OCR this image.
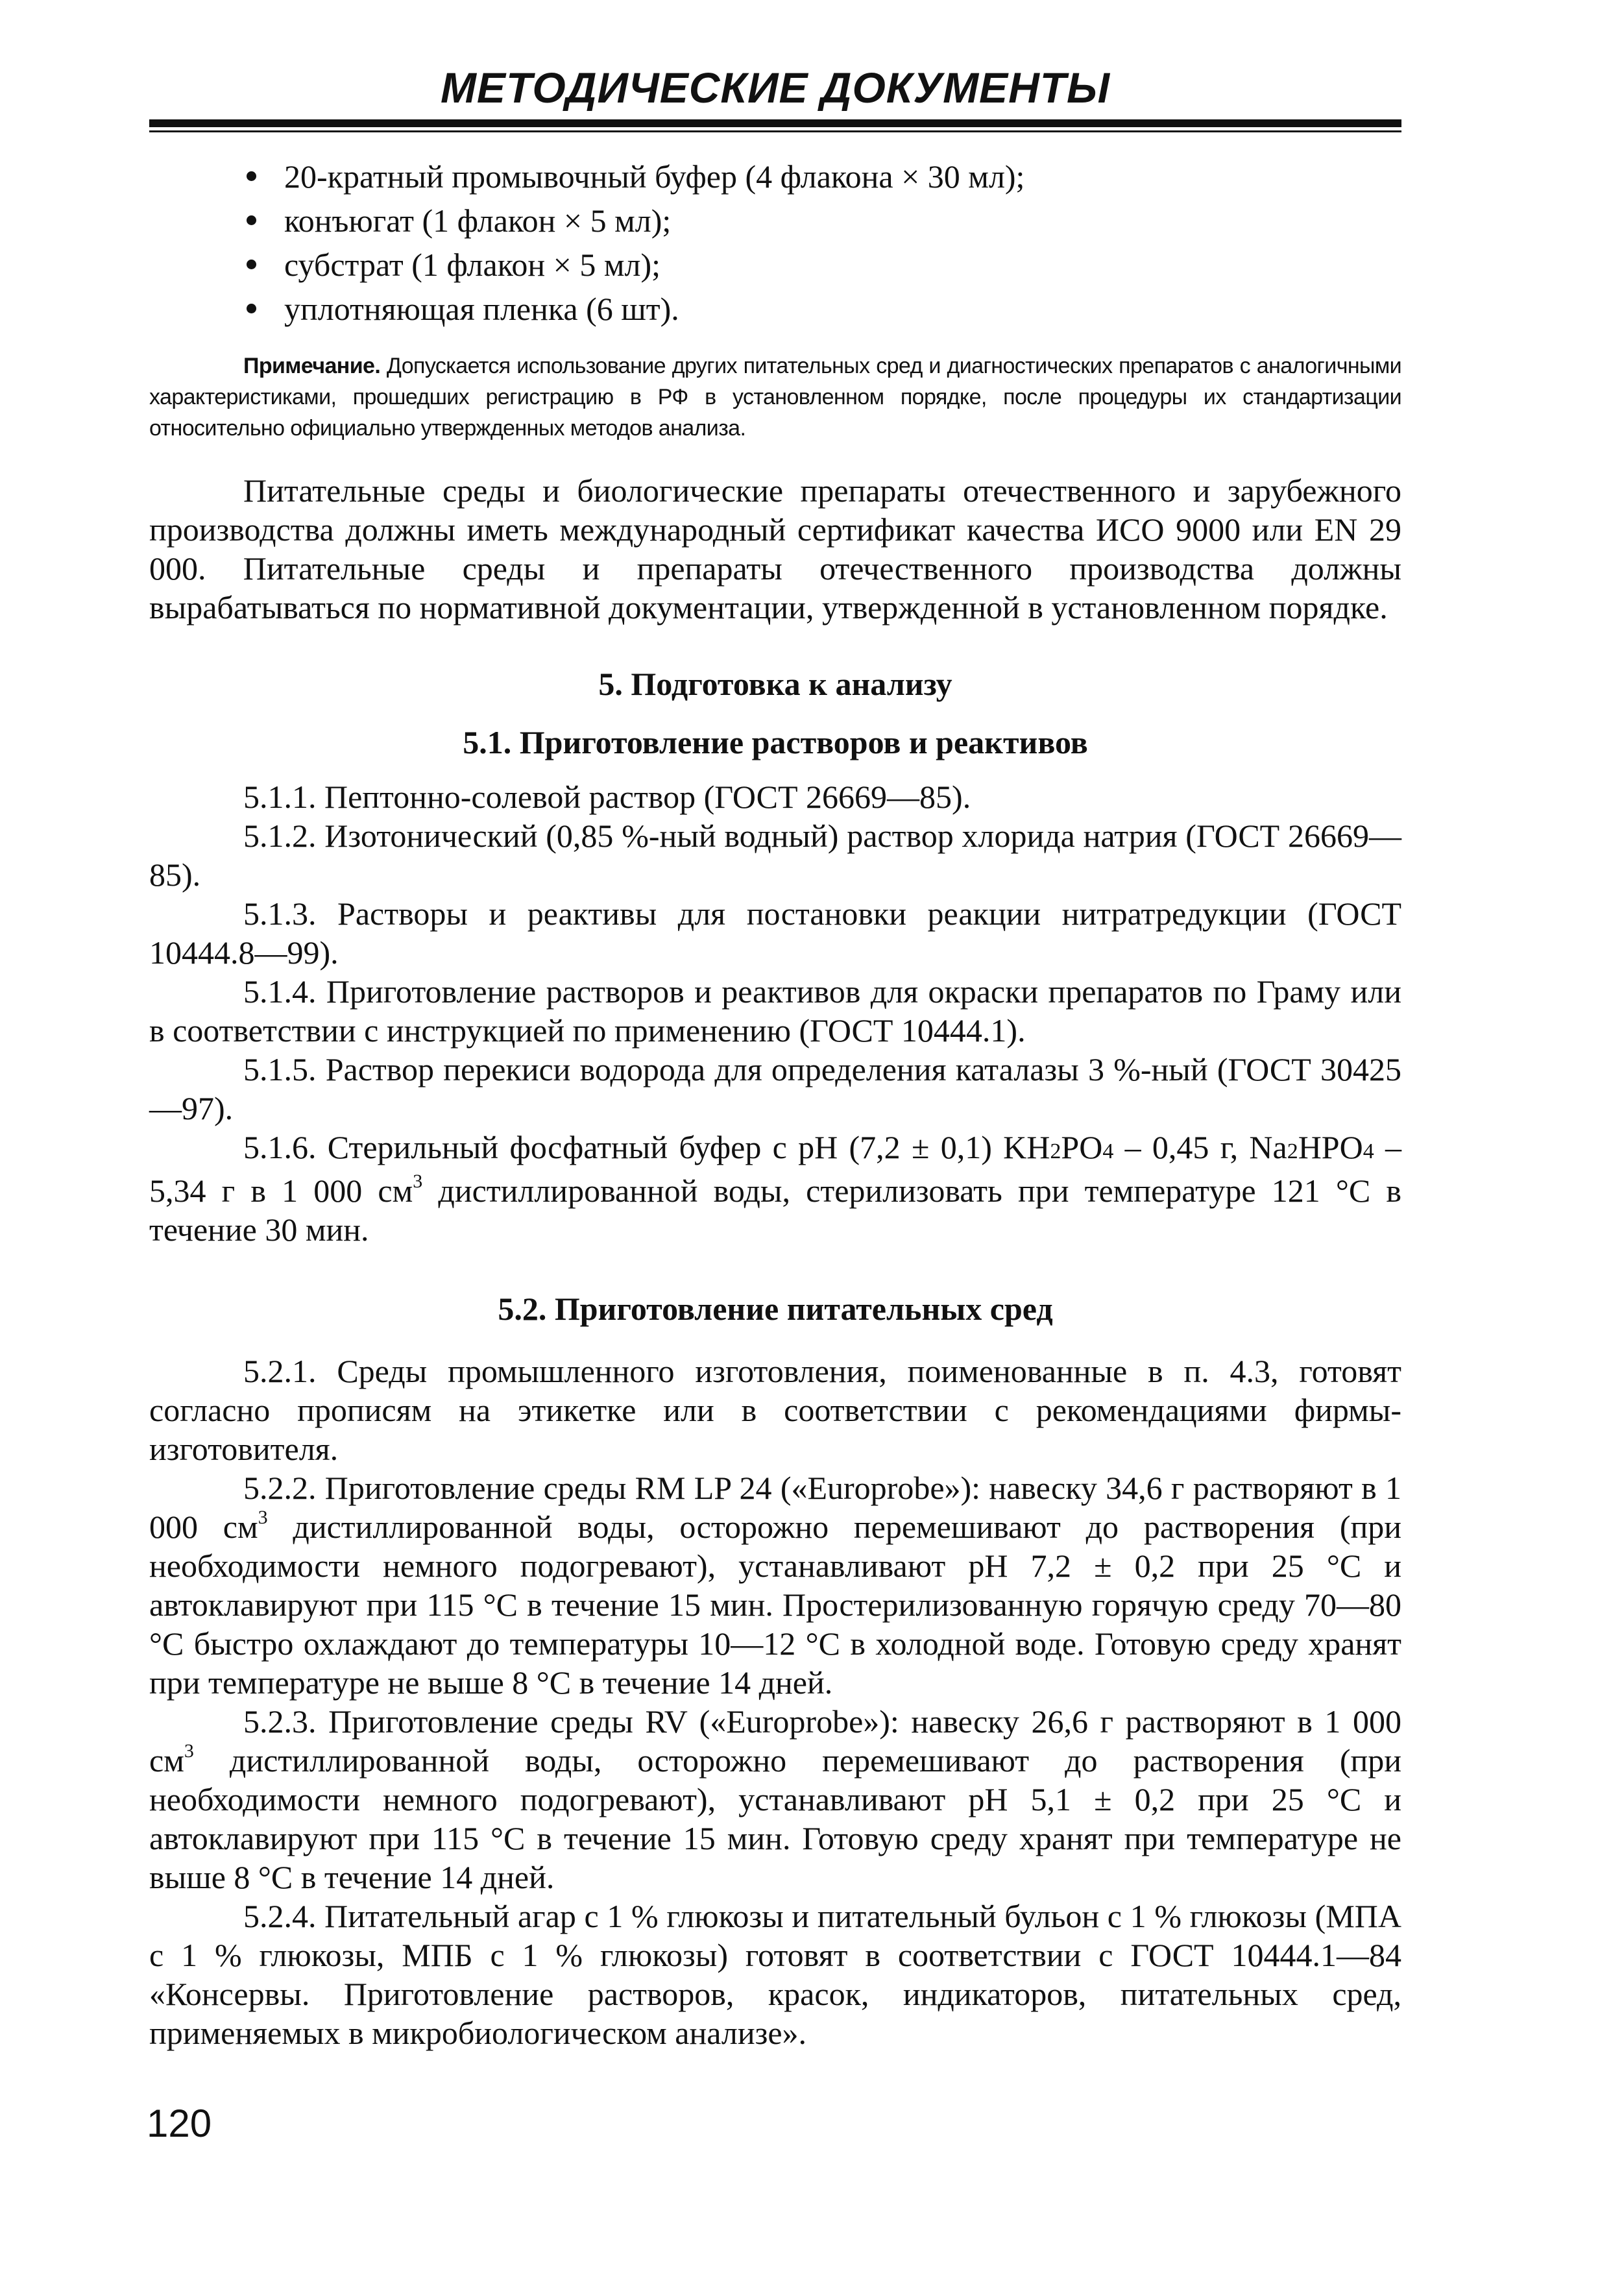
МЕТОДИЧЕСКИЕ ДОКУМЕНТЫ
20-кратный промывочный буфер (4 флакона × 30 мл);
конъюгат (1 флакон × 5 мл);
субстрат (1 флакон × 5 мл);
уплотняющая пленка (6 шт).
Примечание. Допускается использование других питательных сред и диагностических препаратов с аналогичными характеристиками, прошедших регистрацию в РФ в установленном порядке, после процедуры их стандартизации относительно официально утвержденных методов анализа.

Питательные среды и биологические препараты отечественного и зарубежного производства должны иметь международный сертификат качества ИСО 9000 или EN 29 000. Питательные среды и препараты отечественного производства должны вырабатываться по нормативной документации, утвержденной в установленном порядке.

5. Подготовка к анализу
5.1. Приготовление растворов и реактивов

5.1.1. Пептонно-солевой раствор (ГОСТ 26669—85).

5.1.2. Изотонический (0,85 %-ный водный) раствор хлорида натрия (ГОСТ 26669—85).

5.1.3. Растворы и реактивы для постановки реакции нитратредукции (ГОСТ 10444.8—99).

5.1.4. Приготовление растворов и реактивов для окраски препаратов по Граму или в соответствии с инструкцией по применению (ГОСТ 10444.1).

5.1.5. Раствор перекиси водорода для определения каталазы 3 %-ный (ГОСТ 30425—97).

5.1.6. Стерильный фосфатный буфер с pH (7,2 ± 0,1) KH2PO4 – 0,45 г, Na2HPO4 – 5,34 г в 1 000 $см^3$ дистиллированной воды, стерилизовать при температуре 121 °С в течение 30 мин.

5.2. Приготовление питательных сред

5.2.1. Среды промышленного изготовления, поименованные в п. 4.3, готовят согласно прописям на этикетке или в соответствии с рекомендациями фирмы-изготовителя.

5.2.2. Приготовление среды RM LP 24 («Europrobe»): навеску 34,6 г растворяют в 1 000 $см^3$ дистиллированной воды, осторожно перемешивают до растворения (при необходимости немного подогревают), устанавливают pH 7,2 ± 0,2 при 25 °С и автоклавируют при 115 °С в течение 15 мин. Простерилизованную горячую среду 70—80 °С быстро охлаждают до температуры 10—12 °С в холодной воде. Готовую среду хранят при температуре не выше 8 °С в течение 14 дней.

5.2.3. Приготовление среды RV («Europrobe»): навеску 26,6 г растворяют в 1 000 $см^3$ дистиллированной воды, осторожно перемешивают до растворения (при необходимости немного подогревают), устанавливают pH 5,1 ± 0,2 при 25 °С и автоклавируют при 115 °С в течение 15 мин. Готовую среду хранят при температуре не выше 8 °С в течение 14 дней.

5.2.4. Питательный агар с 1 % глюкозы и питательный бульон с 1 % глюкозы (МПА с 1 % глюкозы, МПБ с 1 % глюкозы) готовят в соответствии с ГОСТ 10444.1—84 «Консервы. Приготовление растворов, красок, индикаторов, питательных сред, применяемых в микробиологическом анализе».

120
